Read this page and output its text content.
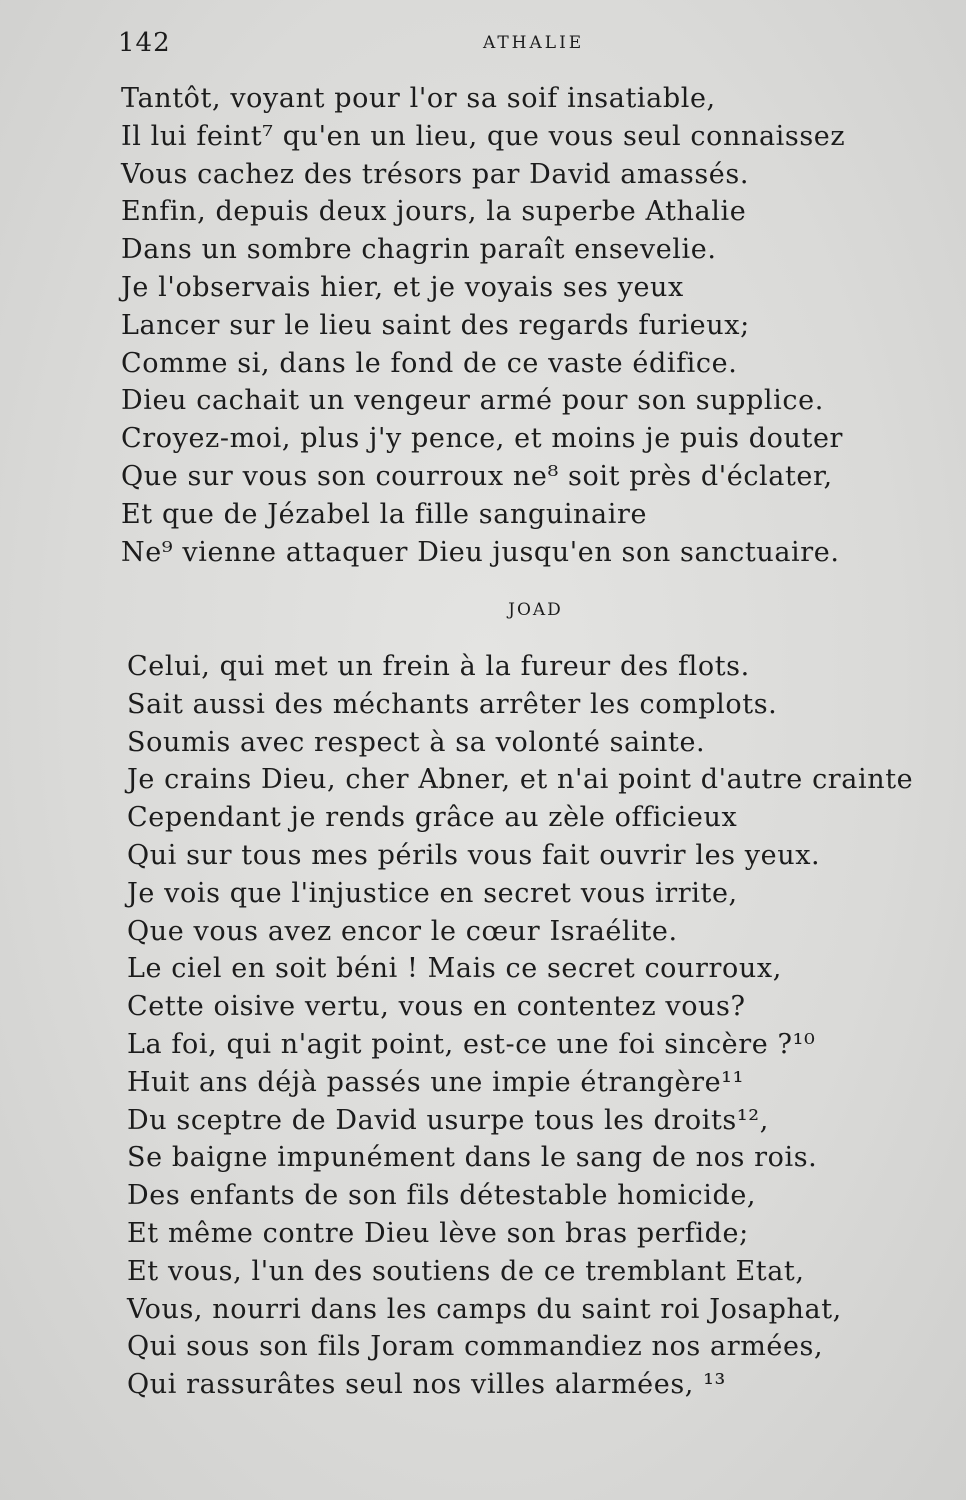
142	ATHALIE
Tantôt, voyant pour l'or sa soif insatiable,
Il lui feint⁷ qu'en un lieu, que vous seul connaissez
Vous cachez des trésors par David amassés.
Enfin, depuis deux jours, la superbe Athalie
Dans un sombre chagrin paraît ensevelie.
Je l'observais hier, et je voyais ses yeux
Lancer sur le lieu saint des regards furieux;
Comme si, dans le fond de ce vaste édifice.
Dieu cachait un vengeur armé pour son supplice.
Croyez-moi, plus j'y pence, et moins je puis douter
Que sur vous son courroux ne⁸ soit près d'éclater,
Et que de Jézabel la fille sanguinaire
Ne⁹ vienne attaquer Dieu jusqu'en son sanctuaire.
JOAD
Celui, qui met un frein à la fureur des flots.
Sait aussi des méchants arrêter les complots.
Soumis avec respect à sa volonté sainte.
Je crains Dieu, cher Abner, et n'ai point d'autre crainte
Cependant je rends grâce au zèle officieux
Qui sur tous mes périls vous fait ouvrir les yeux.
Je vois que l'injustice en secret vous irrite,
Que vous avez encor le cœur Israélite.
Le ciel en soit béni ! Mais ce secret courroux,
Cette oisive vertu, vous en contentez vous?
La foi, qui n'agit point, est-ce une foi sincère ?¹⁰
Huit ans déjà passés une impie étrangère¹¹
Du sceptre de David usurpe tous les droits¹²,
Se baigne impunément dans le sang de nos rois.
Des enfants de son fils détestable homicide,
Et même contre Dieu lève son bras perfide;
Et vous, l'un des soutiens de ce tremblant Etat,
Vous, nourri dans les camps du saint roi Josaphat,
Qui sous son fils Joram commandiez nos armées,
Qui rassurâtes seul nos villes alarmées, ¹³
